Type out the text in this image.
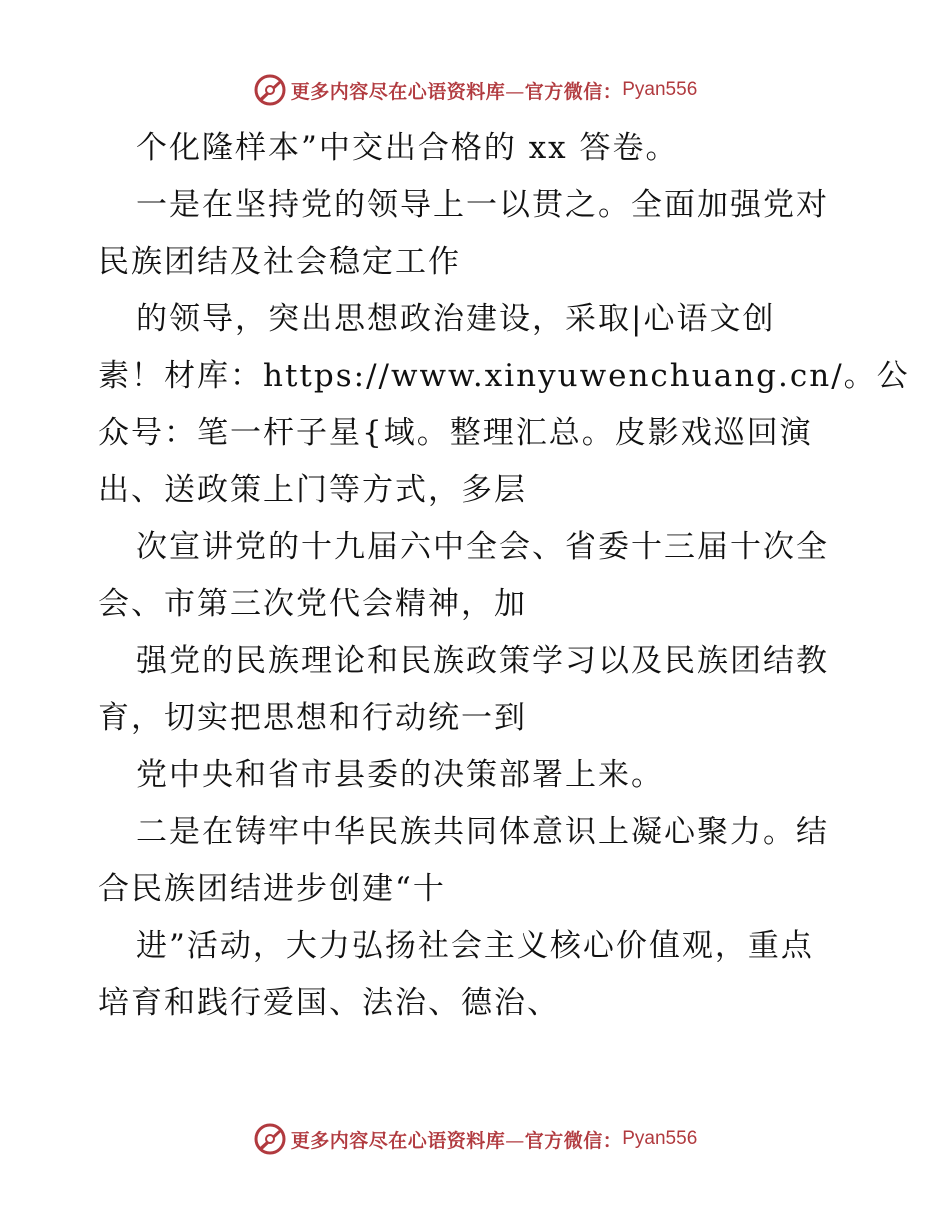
更多内容尽在心语资料库—官方微信： Pyan556
个化隆样本”中交出合格的 xx 答卷。
一是在坚持党的领导上一以贯之。全面加强党对
民族团结及社会稳定工作
的领导，突出思想政治建设，采取|心语文创
素！材库：https://www.xinyuwenchuang.cn/。公
众号：笔一杆子星{域。整理汇总。皮影戏巡回演
出、送政策上门等方式，多层
次宣讲党的十九届六中全会、省委十三届十次全
会、市第三次党代会精神，加
强党的民族理论和民族政策学习以及民族团结教
育，切实把思想和行动统一到
党中央和省市县委的决策部署上来。
二是在铸牢中华民族共同体意识上凝心聚力。结
合民族团结进步创建“十
进”活动，大力弘扬社会主义核心价值观，重点
培育和践行爱国、法治、德治、
更多内容尽在心语资料库—官方微信： Pyan556
